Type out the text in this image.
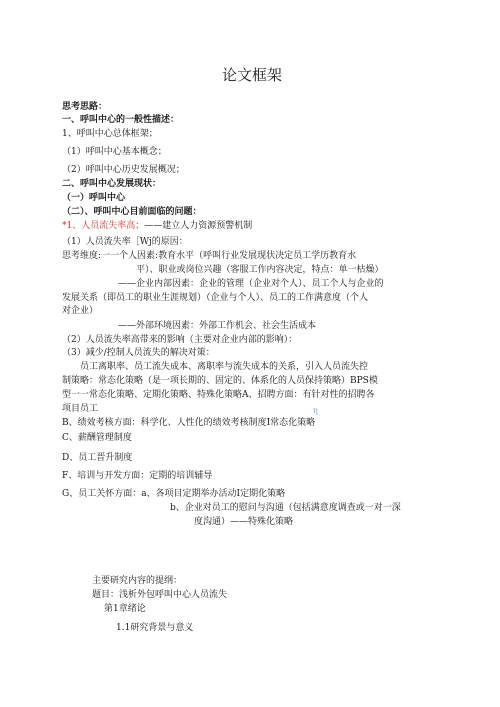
论文框架
思考思路：
一、呼叫中心的一般性描述：
1、呼叫中心总体框架；
（1）呼叫中心基本概念；
（2）呼叫中心历史发展概况；
二、呼叫中心发展现状：
（一）呼叫中心
（二）、呼叫中心目前面临的问题：
*1、人员流失率高；——建立人力资源预警机制
（1）人员流失率［Wj的原因：
思考维度:一一个人因素:教育水平（呼叫行业发展现状决定员工学历教育水
平）、职业或岗位兴趣（客服工作内容决定，特点：单一枯燥）
——企业内部因素：企业的管理（企业对个人）、员工个人与企业的
发展关系（即员工的职业生涯规划）（企业与个人）、员工的工作满意度（个人
对企业）
——外部环境因素：外部工作机会、社会生活成本
（2）人员流失率高带来的影响（主要对企业内部的影响）：
（3）减少/控制人员流失的解决对策：
员工离职率、员工流失成本、离职率与流失成本的关系，引入人员流失控
制策略：常态化策略（是一项长期的、固定的、体系化的人员保持策略）BPS模
型一一常态化策略、定期化策略、特殊化策略A、招聘方面：有针对性的招聘各
项目员工	η
B、绩效考核方面：科学化、人性化的绩效考核制度I常态化策略
C、薪酬管理制度
D、员工晋升制度
F、培训与开发方面：定期的培训辅导
G、员工关怀方面：a、各项目定期举办活动I定期化策略
b、企业对员工的慰问与沟通（包括满意度调查或一对一深
度沟通）——特殊化策略
主要研究内容的提纲：
题目：浅析外包呼叫中心人员流失
第1章绪论
1.1研究背景与意义
